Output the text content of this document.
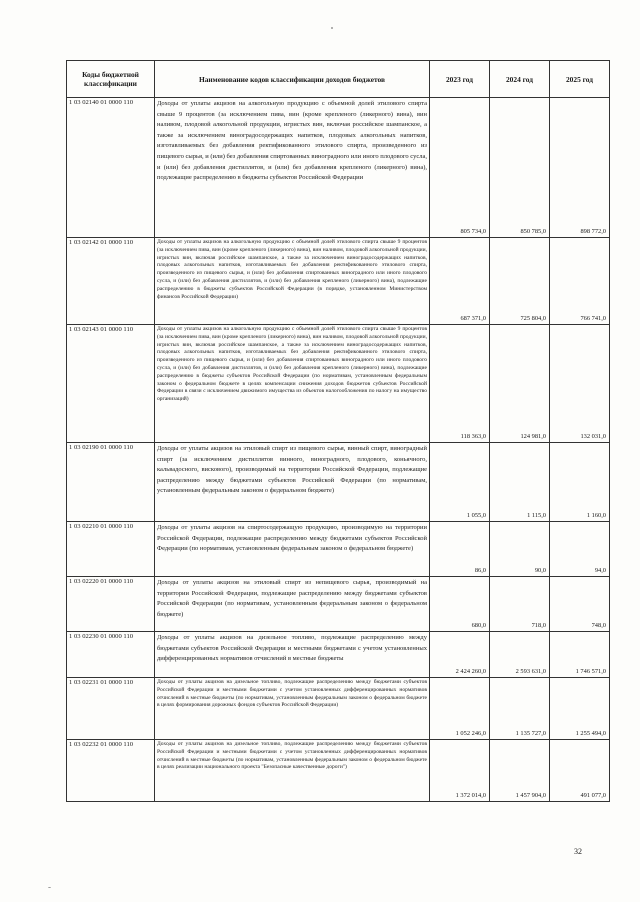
Коды бюджетной классификации	Наименование кодов классификации доходов бюджетов	2023 год	2024 год	2025 год
1 03 02140 01 0000 110	Доходы от уплаты акцизов на алкогольную продукцию с объемной долей этилового спирта свыше 9 процентов (за исключением пива, вин (кроме крепленого (ликерного) вина), вин наливом, плодовой алкогольной продукции, игристых вин, включая российское шампанское, а также за исключением виноградосодержащих напитков, плодовых алкогольных напитков, изготавливаемых без добавления ректификованного этилового спирта, произведенного из пищевого сырья, и (или) без добавления спиртованных виноградного или иного плодового сусла, и (или) без добавления дистиллятов, и (или) без добавления крепленого (ликерного) вина), подлежащие распределению в бюджеты субъектов Российской Федерации	805 734,0	850 785,0	898 772,0
1 03 02142 01 0000 110	Доходы от уплаты акцизов на алкогольную продукцию с объемной долей этилового спирта свыше 9 процентов (за исключением пива, вин (кроме крепленого (ликерного) вина), вин наливом, плодовой алкогольной продукции, игристых вин, включая российское шампанское, а также за исключением виноградосодержащих напитков, плодовых алкогольных напитков, изготавливаемых без добавления ректификованного этилового спирта, произведенного из пищевого сырья, и (или) без добавления спиртованных виноградного или иного плодового сусла, и (или) без добавления дистиллятов, и (или) без добавления крепленого (ликерного) вина), подлежащие распределению в бюджеты субъектов Российской Федерации (в порядке, установленном Министерством финансов Российской Федерации)	687 371,0	725 804,0	766 741,0
1 03 02143 01 0000 110	Доходы от уплаты акцизов на алкогольную продукцию с объемной долей этилового спирта свыше 9 процентов (за исключением пива, вин (кроме крепленого (ликерного) вина), вин наливом, плодовой алкогольной продукции, игристых вин, включая российское шампанское, а также за исключением виноградосодержащих напитков, плодовых алкогольных напитков, изготавливаемых без добавления ректификованного этилового спирта, произведенного из пищевого сырья, и (или) без добавления спиртованных виноградного или иного плодового сусла, и (или) без добавления дистиллятов, и (или) без добавления крепленого (ликерного) вина), подлежащие распределению в бюджеты субъектов Российской Федерации (по нормативам, установленным федеральным законом о федеральном бюджете в целях компенсации снижения доходов бюджетов субъектов Российской Федерации в связи с исключением движимого имущества из объектов налогообложения по налогу на имущество организаций)	118 363,0	124 981,0	132 031,0
1 03 02190 01 0000 110	Доходы от уплаты акцизов на этиловый спирт из пищевого сырья, винный спирт, виноградный спирт (за исключением дистиллятов винного, виноградного, плодового, коньячного, кальвадосного, вискового), производимый на территории Российской Федерации, подлежащие распределению между бюджетами субъектов Российской Федерации (по нормативам, установленным федеральным законом о федеральном бюджете)	1 055,0	1 115,0	1 160,0
1 03 02210 01 0000 110	Доходы от уплаты акцизов на спиртосодержащую продукцию, производимую на территории Российской Федерации, подлежащие распределению между бюджетами субъектов Российской Федерации (по нормативам, установленным федеральным законом о федеральном бюджете)	86,0	90,0	94,0
1 03 02220 01 0000 110	Доходы от уплаты акцизов на этиловый спирт из непищевого сырья, производимый на территории Российской Федерации, подлежащие распределению между бюджетами субъектов Российской Федерации (по нормативам, установленным федеральным законом о федеральном бюджете)	680,0	718,0	748,0
1 03 02230 01 0000 110	Доходы от уплаты акцизов на дизельное топливо, подлежащие распределению между бюджетами субъектов Российской Федерации и местными бюджетами с учетом установленных дифференцированных нормативов отчислений в местные бюджеты	2 424 260,0	2 593 631,0	1 746 571,0
1 03 02231 01 0000 110	Доходы от уплаты акцизов на дизельное топливо, подлежащие распределению между бюджетами субъектов Российской Федерации и местными бюджетами с учетом установленных дифференцированных нормативов отчислений в местные бюджеты (по нормативам, установленным федеральным законом о федеральном бюджете в целях формирования дорожных фондов субъектов Российской Федерации)	1 052 246,0	1 135 727,0	1 255 494,0
1 03 02232 01 0000 110	Доходы от уплаты акцизов на дизельное топливо, подлежащие распределению между бюджетами субъектов Российской Федерации и местными бюджетами с учетом установленных дифференцированных нормативов отчислений в местные бюджеты (по нормативам, установленным федеральным законом о федеральном бюджете в целях реализации национального проекта "Безопасные качественные дороги")	1 372 014,0	1 457 904,0	491 077,0
32
